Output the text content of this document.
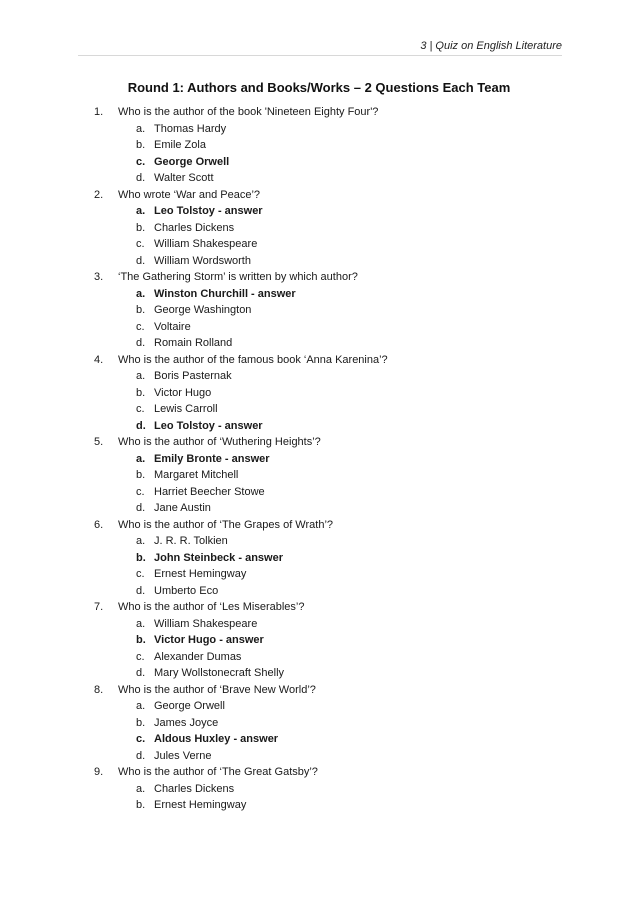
3 | Quiz on English Literature
Round 1: Authors and Books/Works – 2 Questions Each Team
1. Who is the author of the book 'Nineteen Eighty Four'?
a. Thomas Hardy
b. Emile Zola
c. George Orwell
d. Walter Scott
2. Who wrote ‘War and Peace’?
a. Leo Tolstoy - answer
b. Charles Dickens
c. William Shakespeare
d. William Wordsworth
3. ‘The Gathering Storm’ is written by which author?
a. Winston Churchill - answer
b. George Washington
c. Voltaire
d. Romain Rolland
4. Who is the author of the famous book ‘Anna Karenina’?
a. Boris Pasternak
b. Victor Hugo
c. Lewis Carroll
d. Leo Tolstoy - answer
5. Who is the author of ‘Wuthering Heights’?
a. Emily Bronte - answer
b. Margaret Mitchell
c. Harriet Beecher Stowe
d. Jane Austin
6. Who is the author of ‘The Grapes of Wrath’?
a. J. R. R. Tolkien
b. John Steinbeck - answer
c. Ernest Hemingway
d. Umberto Eco
7. Who is the author of ‘Les Miserables’?
a. William Shakespeare
b. Victor Hugo - answer
c. Alexander Dumas
d. Mary Wollstonecraft Shelly
8. Who is the author of ‘Brave New World’?
a. George Orwell
b. James Joyce
c. Aldous Huxley - answer
d. Jules Verne
9. Who is the author of ‘The Great Gatsby’?
a. Charles Dickens
b. Ernest Hemingway
